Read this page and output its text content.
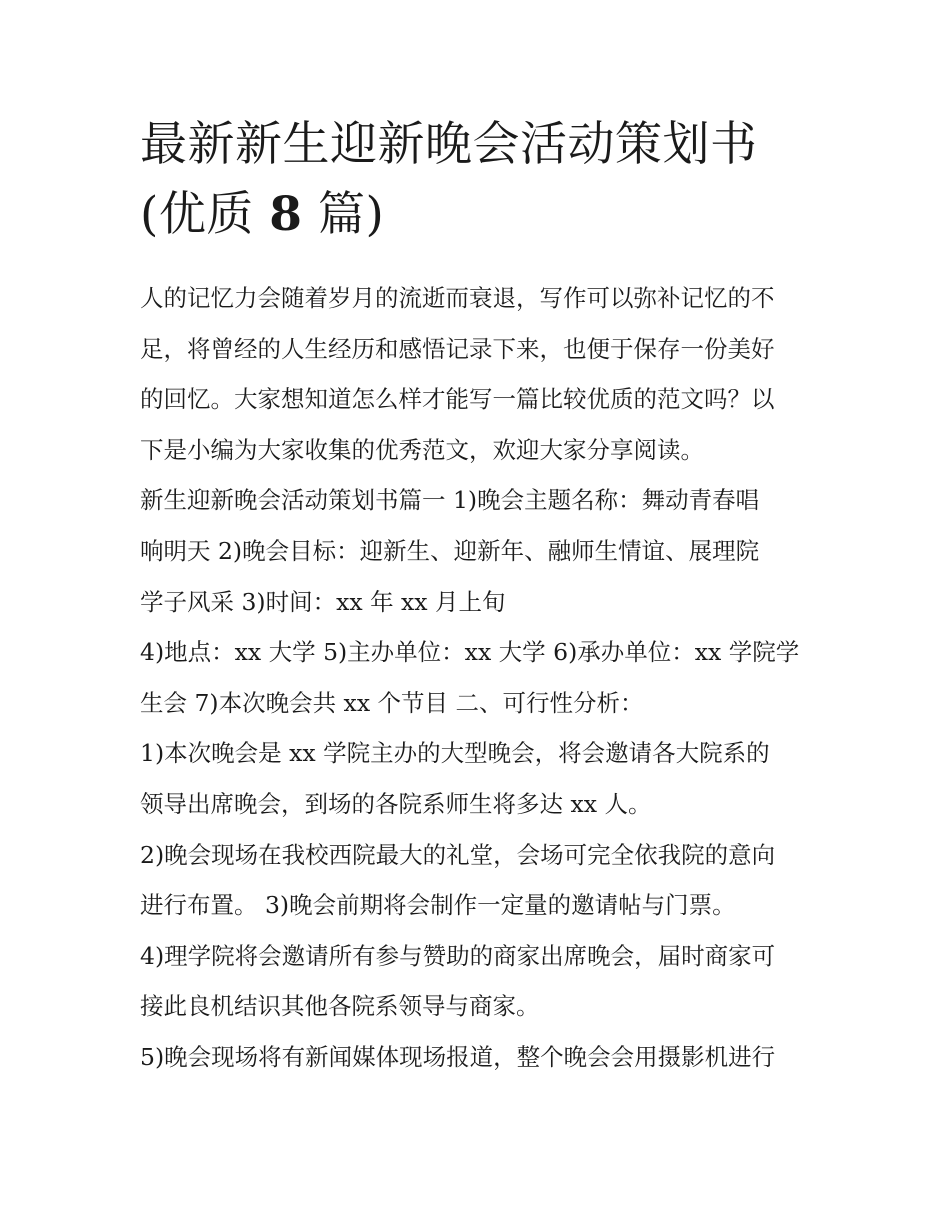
最新新生迎新晚会活动策划书
(优质 8 篇)
人的记忆力会随着岁月的流逝而衰退，写作可以弥补记忆的不
足，将曾经的人生经历和感悟记录下来，也便于保存一份美好
的回忆。大家想知道怎么样才能写一篇比较优质的范文吗？以
下是小编为大家收集的优秀范文，欢迎大家分享阅读。
新生迎新晚会活动策划书篇一 1)晚会主题名称：舞动青春唱
响明天 2)晚会目标：迎新生、迎新年、融师生情谊、展理院
学子风采 3)时间：xx 年 xx 月上旬
4)地点：xx 大学 5)主办单位：xx 大学 6)承办单位：xx 学院学
生会 7)本次晚会共 xx 个节目 二、可行性分析：
1)本次晚会是 xx 学院主办的大型晚会，将会邀请各大院系的
领导出席晚会，到场的各院系师生将多达 xx 人。
2)晚会现场在我校西院最大的礼堂，会场可完全依我院的意向
进行布置。 3)晚会前期将会制作一定量的邀请帖与门票。
4)理学院将会邀请所有参与赞助的商家出席晚会，届时商家可
接此良机结识其他各院系领导与商家。
5)晚会现场将有新闻媒体现场报道，整个晚会会用摄影机进行
